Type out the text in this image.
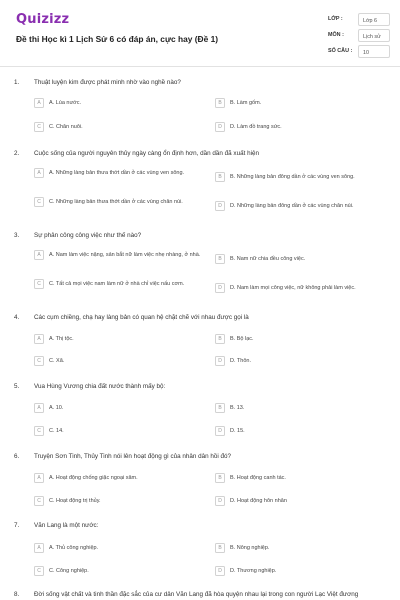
Quizizz
Đề thi Học kì 1 Lịch Sử 6 có đáp án, cực hay (Đề 1)
LỚP :	Lớp 6
MÔN :	Lịch sử
SỐ CÂU :	10
1. Thuật luyện kim được phát minh nhờ vào nghề nào?
A	A. Lúa nước.	B	B. Làm gốm.
C	C. Chăn nuôi.	D	D. Làm đồ trang sức.
2. Cuộc sống của người nguyên thủy ngày càng ổn định hơn, dần dần đã xuất hiện
A	A. Những làng bản thưa thớt dần ở các vùng ven sông.
B	B. Những làng bản đông dần ở các vùng ven sông.
C	C. Những làng bản thưa thớt dần ở các vùng chân núi.
D	D. Những làng bản đông dần ở các vùng chân núi.
3. Sự phân công công việc như thế nào?
A	A. Nam làm việc nặng, sản bắt nữ làm việc nhẹ nhàng, ở nhà.
B	B. Nam nữ chia đều công việc.
C	C. Tất cả mọi việc nam làm nữ ở nhà chỉ việc nấu cơm.
D	D. Nam làm mọi công việc, nữ không phải làm việc.
4. Các cụm chiềng, chạ hay làng bản có quan hệ chặt chẽ với nhau được gọi là
A	A. Thị tộc.	B	B. Bộ lạc.
C	C. Xã.	D	D. Thôn.
5. Vua Hùng Vương chia đất nước thành mấy bộ:
A	A. 10.	B	B. 13.
C	C. 14.	D	D. 15.
6. Truyện Sơn Tinh, Thủy Tinh nói lên hoạt động gì của nhân dân hồi đó?
A	A. Hoạt động chống giặc ngoại xâm.	B	B. Hoạt động canh tác.
C	C. Hoạt động trị thủy.	D	D. Hoạt động hôn nhân
7. Văn Lang là một nước:
A	A. Thủ công nghiệp.	B	B. Nông nghiệp.
C	C. Công nghiệp.	D	D. Thương nghiệp.
8. Đời sống vật chất và tinh thần đặc sắc của cư dân Văn Lang đã hòa quyện nhau lại trong con người Lạc Việt đương
